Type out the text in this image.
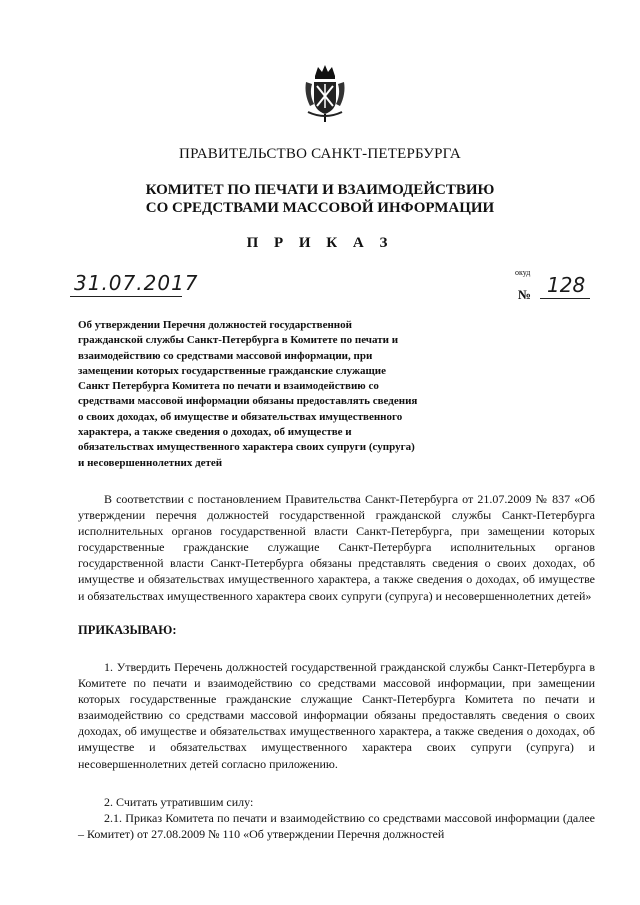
ПРАВИТЕЛЬСТВО САНКТ-ПЕТЕРБУРГА
КОМИТЕТ ПО ПЕЧАТИ И ВЗАИМОДЕЙСТВИЮ
СО СРЕДСТВАМИ МАССОВОЙ ИНФОРМАЦИИ
П Р И К А З
31.07.2017	окуд
№ 128
Об утверждении Перечня должностей государственной гражданской службы Санкт-Петербурга в Комитете по печати и взаимодействию со средствами массовой информации, при замещении которых государственные гражданские служащие Санкт Петербурга Комитета по печати и взаимодействию со средствами массовой информации обязаны предоставлять сведения о своих доходах, об имуществе и обязательствах имущественного характера, а также сведения о доходах, об имуществе и обязательствах имущественного характера своих супруги (супруга) и несовершеннолетних детей
В соответствии с постановлением Правительства Санкт-Петербурга от 21.07.2009 № 837 «Об утверждении перечня должностей государственной гражданской службы Санкт-Петербурга исполнительных органов государственной власти Санкт-Петербурга, при замещении которых государственные гражданские служащие Санкт-Петербурга исполнительных органов государственной власти Санкт-Петербурга обязаны представлять сведения о своих доходах, об имуществе и обязательствах имущественного характера, а также сведения о доходах, об имуществе и обязательствах имущественного характера своих супруги (супруга) и несовершеннолетних детей»
ПРИКАЗЫВАЮ:
1. Утвердить Перечень должностей государственной гражданской службы Санкт-Петербурга в Комитете по печати и взаимодействию со средствами массовой информации, при замещении которых государственные гражданские служащие Санкт-Петербурга Комитета по печати и взаимодействию со средствами массовой информации обязаны предоставлять сведения о своих доходах, об имуществе и обязательствах имущественного характера, а также сведения о доходах, об имуществе и обязательствах имущественного характера своих супруги (супруга) и несовершеннолетних детей согласно приложению.
2. Считать утратившим силу:
2.1. Приказ Комитета по печати и взаимодействию со средствами массовой информации (далее – Комитет) от 27.08.2009 № 110 «Об утверждении Перечня должностей
